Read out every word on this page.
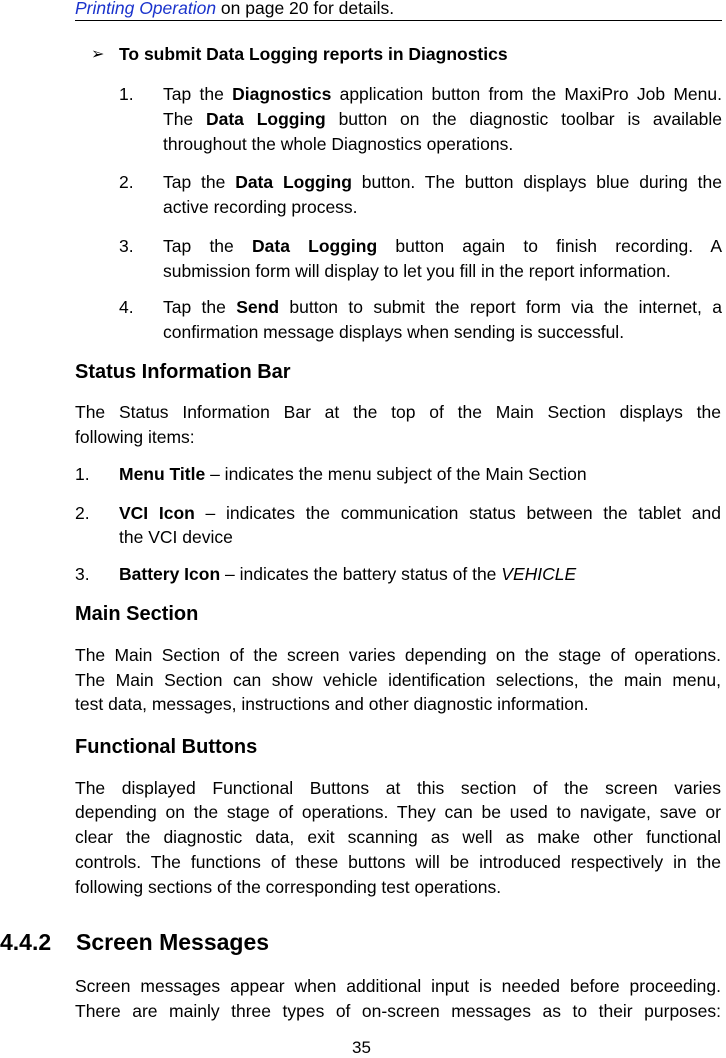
Printing Operation on page 20 for details.
➢ To submit Data Logging reports in Diagnostics
1. Tap the Diagnostics application button from the MaxiPro Job Menu.
The Data Logging button on the diagnostic toolbar is available
throughout the whole Diagnostics operations.
2. Tap the Data Logging button. The button displays blue during the
active recording process.
3. Tap the Data Logging button again to finish recording. A
submission form will display to let you fill in the report information.
4. Tap the Send button to submit the report form via the internet, a
confirmation message displays when sending is successful.
Status Information Bar
The Status Information Bar at the top of the Main Section displays the
following items:
1. Menu Title – indicates the menu subject of the Main Section
2. VCI Icon – indicates the communication status between the tablet and
the VCI device
3. Battery Icon – indicates the battery status of the VEHICLE
Main Section
The Main Section of the screen varies depending on the stage of operations.
The Main Section can show vehicle identification selections, the main menu,
test data, messages, instructions and other diagnostic information.
Functional Buttons
The displayed Functional Buttons at this section of the screen varies
depending on the stage of operations. They can be used to navigate, save or
clear the diagnostic data, exit scanning as well as make other functional
controls. The functions of these buttons will be introduced respectively in the
following sections of the corresponding test operations.
4.4.2 Screen Messages
Screen messages appear when additional input is needed before proceeding.
There are mainly three types of on-screen messages as to their purposes:
35
